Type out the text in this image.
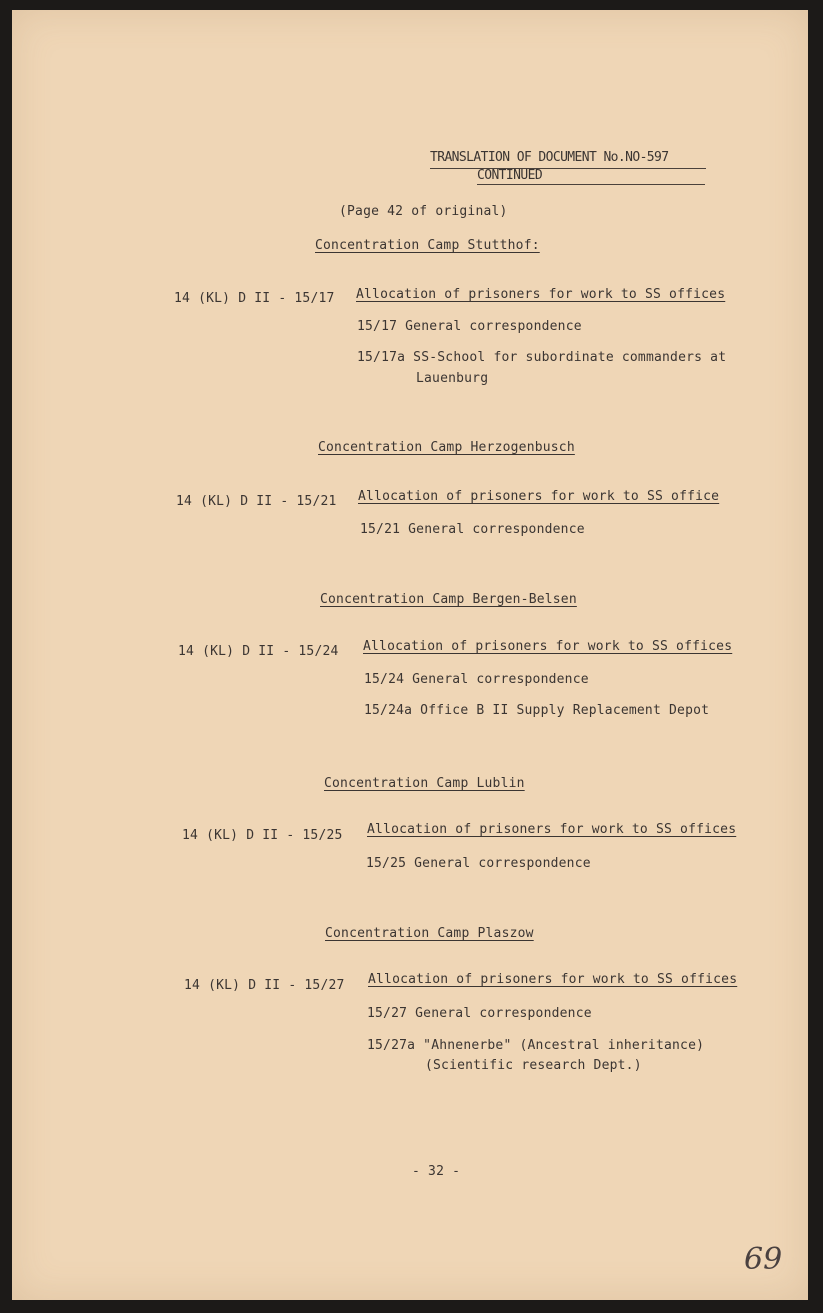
TRANSLATION OF DOCUMENT No.NO-597
CONTINUED
(Page 42 of original)
Concentration Camp Stutthof:
14 (KL) D II - 15/17 Allocation of prisoners for work to SS offices
15/17 General correspondence
15/17a SS-School for subordinate commanders at
Lauenburg
Concentration Camp Herzogenbusch
14 (KL) D II - 15/21 Allocation of prisoners for work to SS office
15/21 General correspondence
Concentration Camp Bergen-Belsen
14 (KL) D II - 15/24 Allocation of prisoners for work to SS offices
15/24 General correspondence
15/24a Office B II Supply Replacement Depot
Concentration Camp Lublin
14 (KL) D II - 15/25 Allocation of prisoners for work to SS offices
15/25 General correspondence
Concentration Camp Plaszow
14 (KL) D II - 15/27 Allocation of prisoners for work to SS offices
15/27 General correspondence
15/27a "Ahnenerbe" (Ancestral inheritance)
(Scientific research Dept.)
- 32 -
69
